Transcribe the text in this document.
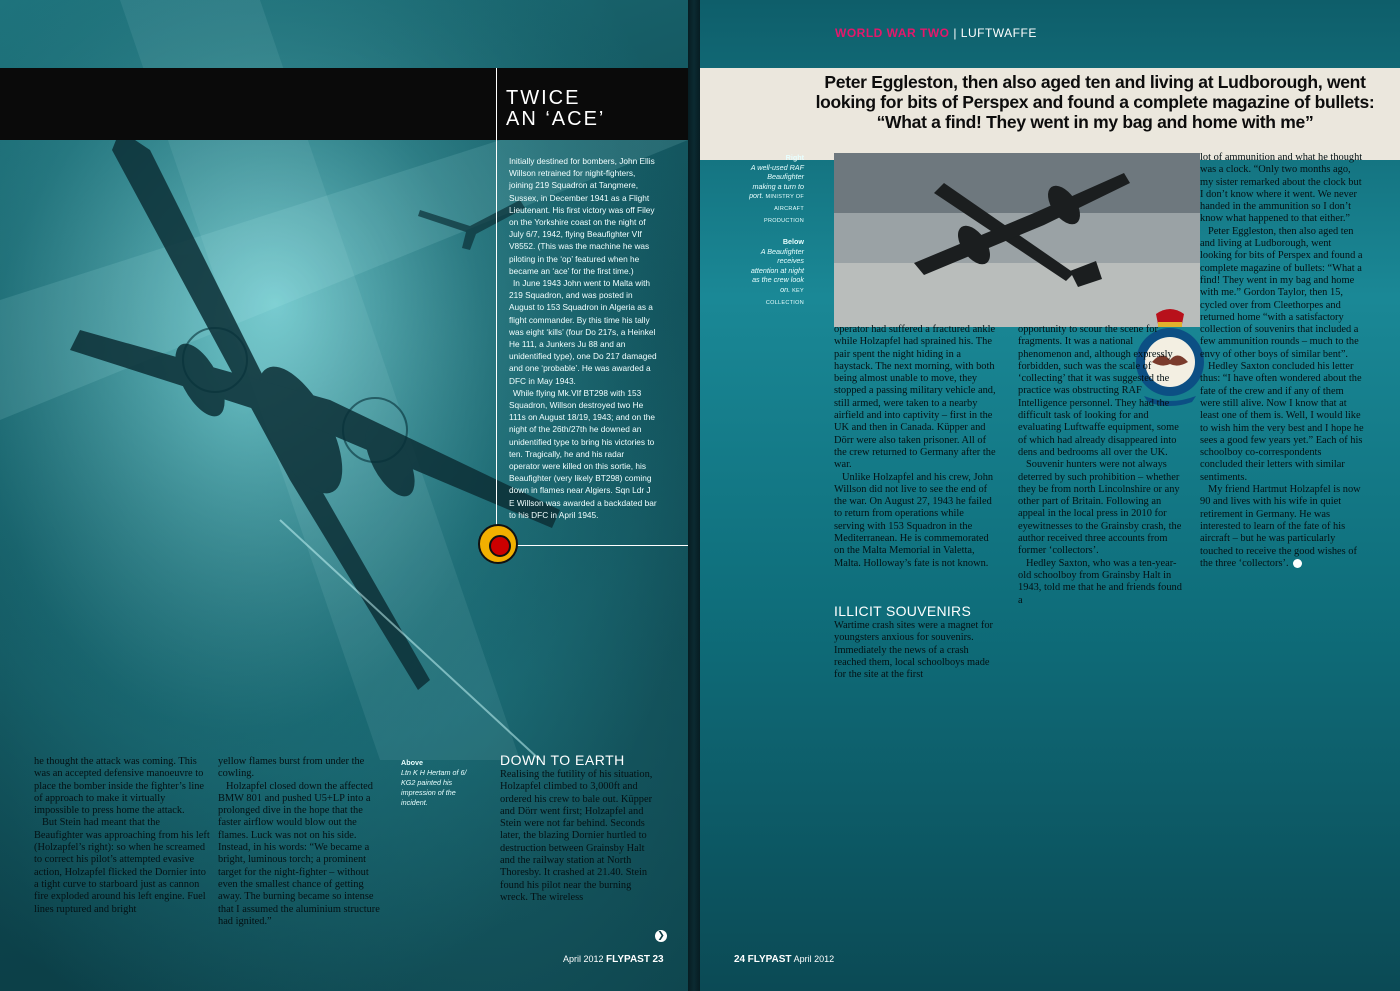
TWICE
AN ‘ACE’

Initially destined for bombers, John Ellis Willson retrained for night-fighters, joining 219 Squadron at Tangmere, Sussex, in December 1941 as a Flight Lieutenant. His first victory was off Filey on the Yorkshire coast on the night of July 6/7, 1942, flying Beaufighter VIf V8552. (This was the machine he was piloting in the ‘op’ featured when he became an ‘ace’ for the first time.)

In June 1943 John went to Malta with 219 Squadron, and was posted in August to 153 Squadron in Algeria as a flight commander. By this time his tally was eight ‘kills’ (four Do 217s, a Heinkel He 111, a Junkers Ju 88 and an unidentified type), one Do 217 damaged and one ‘probable’. He was awarded a DFC in May 1943.

While flying Mk.VIf BT298 with 153 Squadron, Willson destroyed two He 111s on August 18/19, 1943; and on the night of the 26th/27th he downed an unidentified type to bring his victories to ten. Tragically, he and his radar operator were killed on this sortie, his Beaufighter (very likely BT298) coming down in flames near Algiers. Sqn Ldr J E Willson was awarded a backdated bar to his DFC in April 1945.

he thought the attack was coming. This was an accepted defensive manoeuvre to place the bomber inside the fighter’s line of approach to make it virtually impossible to press home the attack.

But Stein had meant that the Beaufighter was approaching from his left (Holzapfel’s right): so when he screamed to correct his pilot’s attempted evasive action, Holzapfel flicked the Dornier into a tight curve to starboard just as cannon fire exploded around his left engine. Fuel lines ruptured and bright

yellow flames burst from under the cowling.

Holzapfel closed down the affected BMW 801 and pushed U5+LP into a prolonged dive in the hope that the faster airflow would blow out the flames. Luck was not on his side. Instead, in his words: “We became a bright, luminous torch; a prominent target for the night-fighter – without even the smallest chance of getting away. The burning became so intense that I assumed the aluminium structure had ignited.”

Above
Ltn K H Hertam of 6/ KG2 painted his impression of the incident.
DOWN TO EARTH

Realising the futility of his situation, Holzapfel climbed to 3,000ft and ordered his crew to bale out. Küpper and Dörr went first; Holzapfel and Stein were not far behind. Seconds later, the blazing Dornier hurtled to destruction between Grainsby Halt and the railway station at North Thoresby. It crashed at 21.40. Stein found his pilot near the burning wreck. The wireless

❯
April 2012 FLYPAST 23
WORLD WAR TWO | LUFTWAFFE
Peter Eggleston, then also aged ten and living at Ludborough, went looking for bits of Perspex and found a complete magazine of bullets: “What a find! They went in my bag and home with me”
Right
A well-used RAF Beaufighter making a turn to port. MINISTRY OF AIRCRAFT PRODUCTION
Below
A Beaufighter receives attention at night as the crew look on. KEY COLLECTION

operator had suffered a fractured ankle while Holzapfel had sprained his. The pair spent the night hiding in a haystack. The next morning, with both being almost unable to move, they stopped a passing military vehicle and, still armed, were taken to a nearby airfield and into captivity – first in the UK and then in Canada. Küpper and Dörr were also taken prisoner. All of the crew returned to Germany after the war.

Unlike Holzapfel and his crew, John Willson did not live to see the end of the war. On August 27, 1943 he failed to return from operations while serving with 153 Squadron in the Mediterranean. He is commemorated on the Malta Memorial in Valetta, Malta. Holloway’s fate is not known.

ILLICIT SOUVENIRS

Wartime crash sites were a magnet for youngsters anxious for souvenirs. Immediately the news of a crash reached them, local schoolboys made for the site at the first

opportunity to scour the scene for fragments. It was a national phenomenon and, although expressly forbidden, such was the scale of ‘collecting’ that it was suggested the practice was obstructing RAF Intelligence personnel. They had the difficult task of looking for and evaluating Luftwaffe equipment, some of which had already disappeared into dens and bedrooms all over the UK.

Souvenir hunters were not always deterred by such prohibition – whether they be from north Lincolnshire or any other part of Britain. Following an appeal in the local press in 2010 for eyewitnesses to the Grainsby crash, the author received three accounts from former ‘collectors’.

Hedley Saxton, who was a ten-year-old schoolboy from Grainsby Halt in 1943, told me that he and friends found a

lot of ammunition and what he thought was a clock. “Only two months ago, my sister remarked about the clock but I don’t know where it went. We never handed in the ammunition so I don’t know what happened to that either.”

Peter Eggleston, then also aged ten and living at Ludborough, went looking for bits of Perspex and found a complete magazine of bullets: “What a find! They went in my bag and home with me.” Gordon Taylor, then 15, cycled over from Cleethorpes and returned home “with a satisfactory collection of souvenirs that included a few ammunition rounds – much to the envy of other boys of similar bent”.

Hedley Saxton concluded his letter thus: “I have often wondered about the fate of the crew and if any of them were still alive. Now I know that at least one of them is. Well, I would like to wish him the very best and I hope he sees a good few years yet.” Each of his schoolboy co-correspondents concluded their letters with similar sentiments.

My friend Hartmut Holzapfel is now 90 and lives with his wife in quiet retirement in Germany. He was interested to learn of the fate of his aircraft – but he was particularly touched to receive the good wishes of the three ‘collectors’.

24 FLYPAST April 2012
